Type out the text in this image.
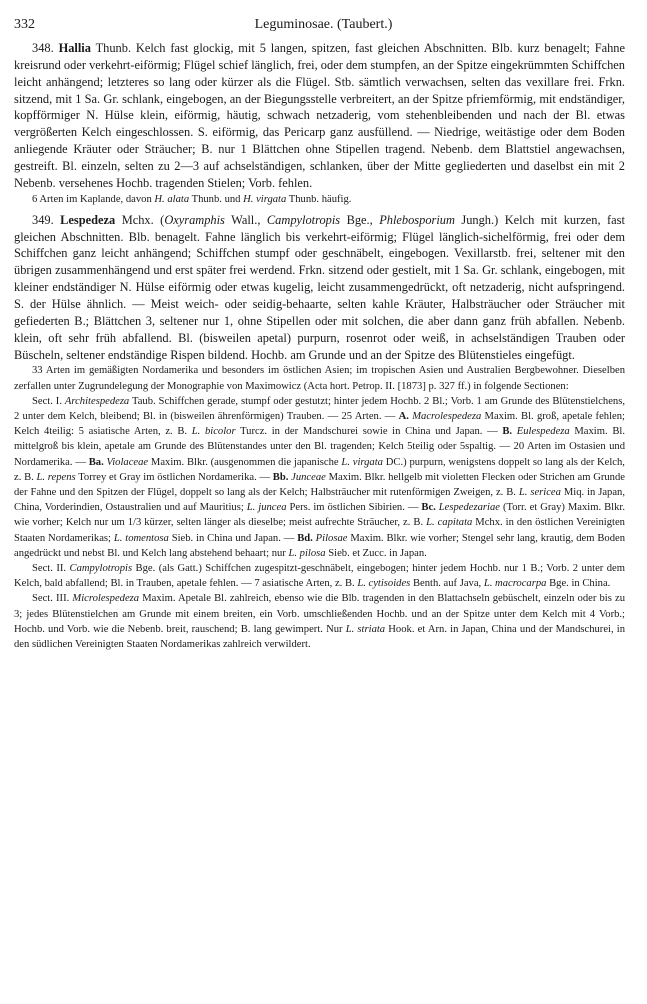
332	Leguminosae. (Taubert.)

348. Hallia Thunb. Kelch fast glockig, mit 5 langen, spitzen, fast gleichen Abschnitten. Blb. kurz benagelt; Fahne kreisrund oder verkehrt-eiförmig; Flügel schief länglich, frei, oder dem stumpfen, an der Spitze eingekrümmten Schiffchen leicht anhängend; letzteres so lang oder kürzer als die Flügel. Stb. sämtlich verwachsen, selten das vexillare frei. Frkn. sitzend, mit 1 Sa. Gr. schlank, eingebogen, an der Biegungsstelle verbreitert, an der Spitze pfriemförmig, mit endständiger, kopfförmiger N. Hülse klein, eiförmig, häutig, schwach netzaderig, vom stehenbleibenden und nach der Bl. etwas vergrößerten Kelch eingeschlossen. S. eiförmig, das Pericarp ganz ausfüllend. — Niedrige, weitästige oder dem Boden anliegende Kräuter oder Sträucher; B. nur 1 Blättchen ohne Stipellen tragend. Nebenb. dem Blattstiel angewachsen, gestreift. Bl. einzeln, selten zu 2—3 auf achselständigen, schlanken, über der Mitte gegliederten und daselbst ein mit 2 Nebenb. versehenes Hochb. tragenden Stielen; Vorb. fehlen.

6 Arten im Kaplande, davon H. alata Thunb. und H. virgata Thunb. häufig.

349. Lespedeza Mchx. (Oxyramphis Wall., Campylotropis Bge., Phlebosporium Jungh.) Kelch mit kurzen, fast gleichen Abschnitten. Blb. benagelt. Fahne länglich bis verkehrt-eiförmig; Flügel länglich-sichelförmig, frei oder dem Schiffchen ganz leicht anhängend; Schiffchen stumpf oder geschnäbelt, eingebogen. Vexillarstb. frei, seltener mit den übrigen zusammenhängend und erst später frei werdend. Frkn. sitzend oder gestielt, mit 1 Sa. Gr. schlank, eingebogen, mit kleiner endständiger N. Hülse eiförmig oder etwas kugelig, leicht zusammengedrückt, oft netzaderig, nicht aufspringend. S. der Hülse ähnlich. — Meist weich- oder seidig-behaarte, selten kahle Kräuter, Halbsträucher oder Sträucher mit gefiederten B.; Blättchen 3, seltener nur 1, ohne Stipellen oder mit solchen, die aber dann ganz früh abfallen. Nebenb. klein, oft sehr früh abfallend. Bl. (bisweilen apetal) purpurn, rosenrot oder weiß, in achselständigen Trauben oder Büscheln, seltener endständige Rispen bildend. Hochb. am Grunde und an der Spitze des Blütenstieles eingefügt.

33 Arten im gemäßigten Nordamerika und besonders im östlichen Asien; im tropischen Asien und Australien Bergbewohner. Dieselben zerfallen unter Zugrundelegung der Monographie von Maximowicz (Acta hort. Petrop. II. [1873] p. 327 ff.) in folgende Sectionen:

Sect. I. Architespedeza Taub. Schiffchen gerade, stumpf oder gestutzt; hinter jedem Hochb. 2 Bl.; Vorb. 1 am Grunde des Blütenstielchens, 2 unter dem Kelch, bleibend; Bl. in (bisweilen ährenförmigen) Trauben. — 25 Arten. — A. Macrolespedeza Maxim. Bl. groß, apetale fehlen; Kelch 4teilig: 5 asiatische Arten, z. B. L. bicolor Turcz. in der Mandschurei sowie in China und Japan. — B. Eulespedeza Maxim. Bl. mittelgroß bis klein, apetale am Grunde des Blütenstandes unter den Bl. tragenden; Kelch 5teilig oder 5spaltig. — 20 Arten im Ostasien und Nordamerika. — Ba. Violaceae Maxim. Blkr. (ausgenommen die japanische L. virgata DC.) purpurn, wenigstens doppelt so lang als der Kelch, z. B. L. repens Torrey et Gray im östlichen Nordamerika. — Bb. Junceae Maxim. Blkr. hellgelb mit violetten Flecken oder Strichen am Grunde der Fahne und den Spitzen der Flügel, doppelt so lang als der Kelch; Halbsträucher mit rutenförmigen Zweigen, z. B. L. sericea Miq. in Japan, China, Vorderindien, Ostaustralien und auf Mauritius; L. juncea Pers. im östlichen Sibirien. — Bc. Lespedezariae (Torr. et Gray) Maxim. Blkr. wie vorher; Kelch nur um 1/3 kürzer, selten länger als dieselbe; meist aufrechte Sträucher, z. B. L. capitata Mchx. in den östlichen Vereinigten Staaten Nordamerikas; L. tomentosa Sieb. in China und Japan. — Bd. Pilosae Maxim. Blkr. wie vorher; Stengel sehr lang, krautig, dem Boden angedrückt und nebst Bl. und Kelch lang abstehend behaart; nur L. pilosa Sieb. et Zucc. in Japan.

Sect. II. Campylotropis Bge. (als Gatt.) Schiffchen zugespitzt-geschnäbelt, eingebogen; hinter jedem Hochb. nur 1 B.; Vorb. 2 unter dem Kelch, bald abfallend; Bl. in Trauben, apetale fehlen. — 7 asiatische Arten, z. B. L. cytisoides Benth. auf Java, L. macrocarpa Bge. in China.

Sect. III. Microlespedeza Maxim. Apetale Bl. zahlreich, ebenso wie die Blb. tragenden in den Blattachseln gebüschelt, einzeln oder bis zu 3; jedes Blütenstielchen am Grunde mit einem breiten, ein Vorb. umschließenden Hochb. und an der Spitze unter dem Kelch mit 4 Vorb.; Hochb. und Vorb. wie die Nebenb. breit, rauschend; B. lang gewimpert. Nur L. striata Hook. et Arn. in Japan, China und der Mandschurei, in den südlichen Vereinigten Staaten Nordamerikas zahlreich verwildert.
